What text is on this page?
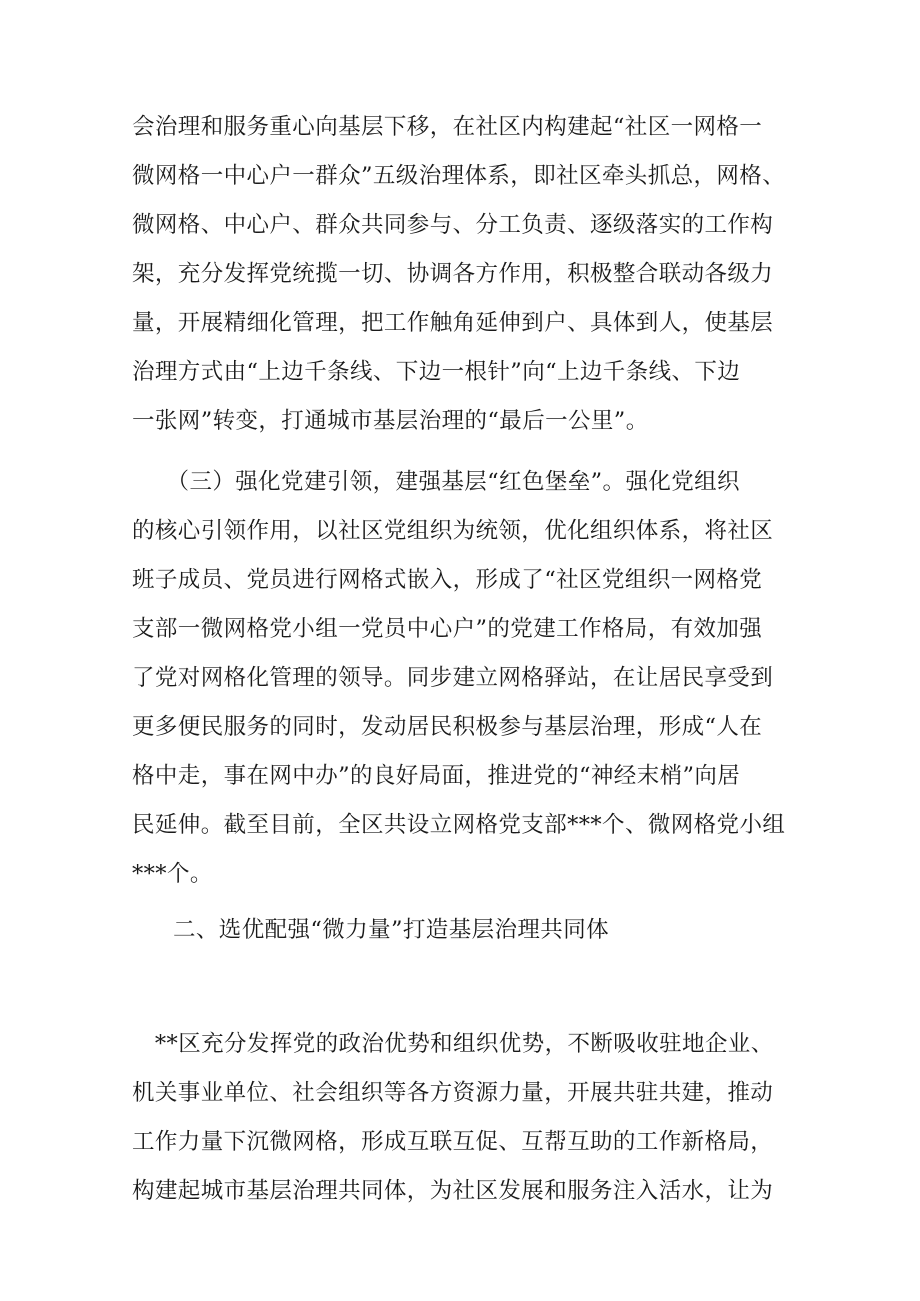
会治理和服务重心向基层下移，在社区内构建起“社区一网格一
微网格一中心户一群众”五级治理体系，即社区牵头抓总，网格、
微网格、中心户、群众共同参与、分工负责、逐级落实的工作构
架，充分发挥党统揽一切、协调各方作用，积极整合联动各级力
量，开展精细化管理，把工作触角延伸到户、具体到人，使基层
治理方式由“上边千条线、下边一根针”向“上边千条线、下边
一张网”转变，打通城市基层治理的“最后一公里”。
　　（三）强化党建引领，建强基层“红色堡垒”。强化党组织
的核心引领作用，以社区党组织为统领，优化组织体系，将社区
班子成员、党员进行网格式嵌入，形成了“社区党组织一网格党
支部一微网格党小组一党员中心户”的党建工作格局，有效加强
了党对网格化管理的领导。同步建立网格驿站，在让居民享受到
更多便民服务的同时，发动居民积极参与基层治理，形成“人在
格中走，事在网中办”的良好局面，推进党的“神经末梢”向居
民延伸。截至目前，全区共设立网格党支部***个、微网格党小组
***个。
二、选优配强“微力量”打造基层治理共同体
　**区充分发挥党的政治优势和组织优势，不断吸收驻地企业、
机关事业单位、社会组织等各方资源力量，开展共驻共建，推动
工作力量下沉微网格，形成互联互促、互帮互助的工作新格局，
构建起城市基层治理共同体，为社区发展和服务注入活水，让为
